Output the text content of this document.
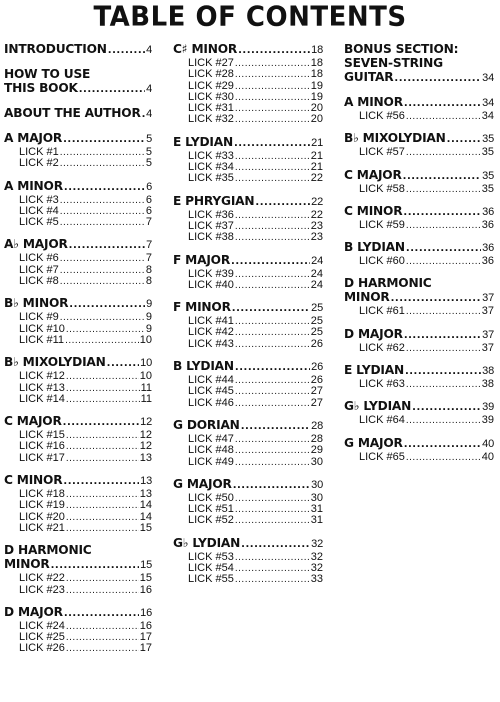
TABLE OF CONTENTS
INTRODUCTION .....	4
HOW TO USE
THIS BOOK .....	4
ABOUT THE AUTHOR ..... 4
A MAJOR .....	5
LICK #1 .....	5
LICK #2 .....	5
A MINOR .....	6
LICK #3 .....	6
LICK #4 .....	6
LICK #5 .....	7
A♭ MAJOR .....	7
LICK #6 .....	7
LICK #7 .....	8
LICK #8 .....	8
B♭ MINOR .....	9
LICK #9 .....	9
LICK #10 .....	9
LICK #11 .....	10
B♭ MIXOLYDIAN .....	10
LICK #12 .....	10
LICK #13 .....	11
LICK #14 .....	11
C MAJOR .....	12
LICK #15 .....	12
LICK #16 .....	12
LICK #17 .....	13
C MINOR .....	13
LICK #18 .....	13
LICK #19 .....	14
LICK #20 .....	14
LICK #21 .....	15
D HARMONIC
MINOR .....	15
LICK #22 .....	15
LICK #23 .....	16
D MAJOR .....	16
LICK #24 .....	16
LICK #25 .....	17
LICK #26 .....	17
C♯ MINOR .....	18
LICK #27 .....	18
LICK #28 .....	18
LICK #29 .....	19
LICK #30 .....	19
LICK #31 .....	20
LICK #32 .....	20
E LYDIAN .....	21
LICK #33 .....	21
LICK #34 .....	21
LICK #35 .....	22
E PHRYGIAN .....	22
LICK #36 .....	22
LICK #37 .....	23
LICK #38 .....	23
F MAJOR .....	24
LICK #39 .....	24
LICK #40 .....	24
F MINOR .....	25
LICK #41 .....	25
LICK #42 .....	25
LICK #43 .....	26
B LYDIAN .....	26
LICK #44 .....	26
LICK #45 .....	27
LICK #46 .....	27
G DORIAN .....	28
LICK #47 .....	28
LICK #48 .....	29
LICK #49 .....	30
G MAJOR .....	30
LICK #50 .....	30
LICK #51 .....	31
LICK #52 .....	31
G♭ LYDIAN .....	32
LICK #53 .....	32
LICK #54 .....	32
LICK #55 .....	33
BONUS SECTION:
SEVEN-STRING
GUITAR .....	34
A MINOR .....	34
LICK #56 .....	34
B♭ MIXOLYDIAN .....	35
LICK #57 .....	35
C MAJOR .....	35
LICK #58 .....	35
C MINOR .....	36
LICK #59 .....	36
B LYDIAN .....	36
LICK #60 .....	36
D HARMONIC
MINOR .....	37
LICK #61 .....	37
D MAJOR .....	37
LICK #62 .....	37
E LYDIAN .....	38
LICK #63 .....	38
G♭ LYDIAN .....	39
LICK #64 .....	39
G MAJOR .....	40
LICK #65 .....	40
